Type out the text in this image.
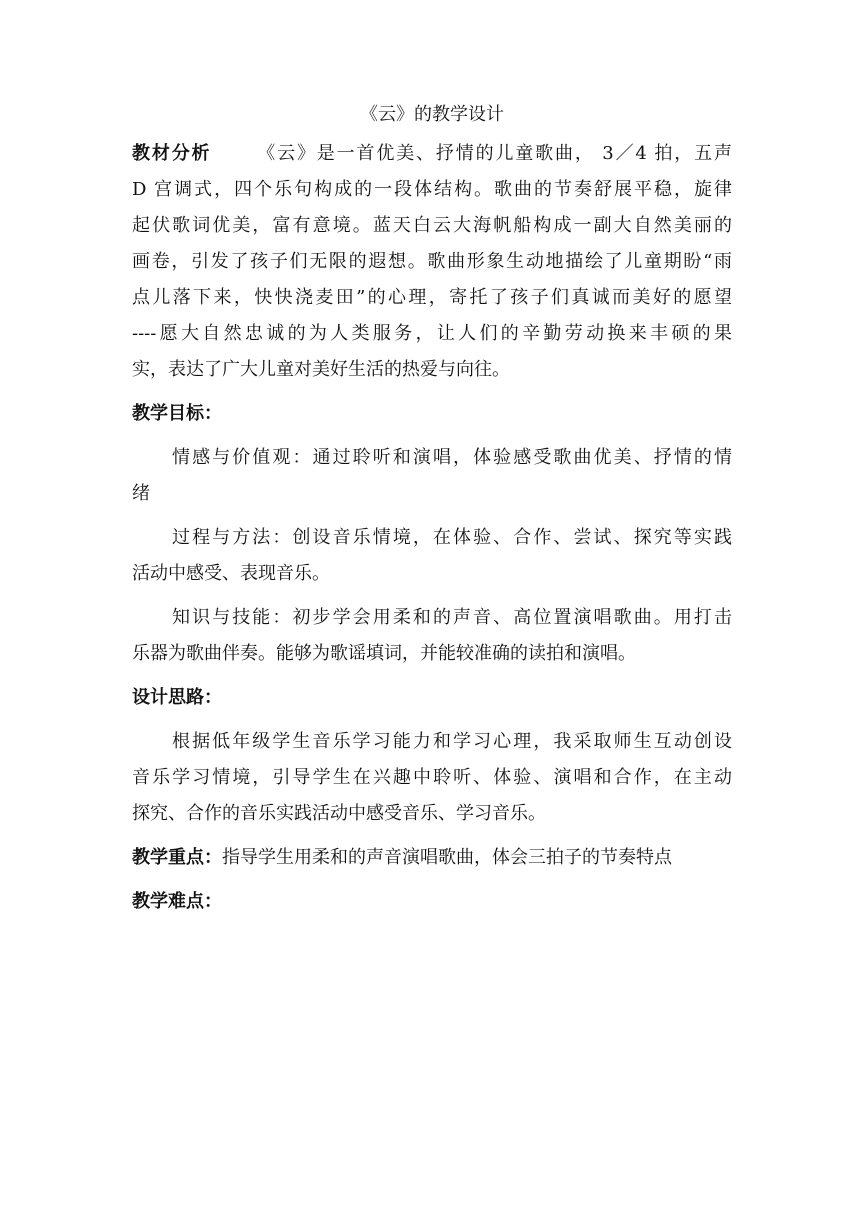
《云》的教学设计
教材分析 《云》是一首优美、抒情的儿童歌曲， 3／4 拍，五声
D 宫调式，四个乐句构成的一段体结构。歌曲的节奏舒展平稳，旋律
起伏歌词优美，富有意境。蓝天白云大海帆船构成一副大自然美丽的
画卷，引发了孩子们无限的遐想。歌曲形象生动地描绘了儿童期盼“雨
点儿落下来，快快浇麦田”的心理，寄托了孩子们真诚而美好的愿望
----愿大自然忠诚的为人类服务，让人们的辛勤劳动换来丰硕的果
实，表达了广大儿童对美好生活的热爱与向往。
教学目标：
情感与价值观：通过聆听和演唱，体验感受歌曲优美、抒情的情
绪
过程与方法：创设音乐情境，在体验、合作、尝试、探究等实践
活动中感受、表现音乐。
知识与技能：初步学会用柔和的声音、高位置演唱歌曲。用打击
乐器为歌曲伴奏。能够为歌谣填词，并能较准确的读拍和演唱。
设计思路：
根据低年级学生音乐学习能力和学习心理，我采取师生互动创设
音乐学习情境，引导学生在兴趣中聆听、体验、演唱和合作，在主动
探究、合作的音乐实践活动中感受音乐、学习音乐。
教学重点：指导学生用柔和的声音演唱歌曲，体会三拍子的节奏特点
教学难点：
